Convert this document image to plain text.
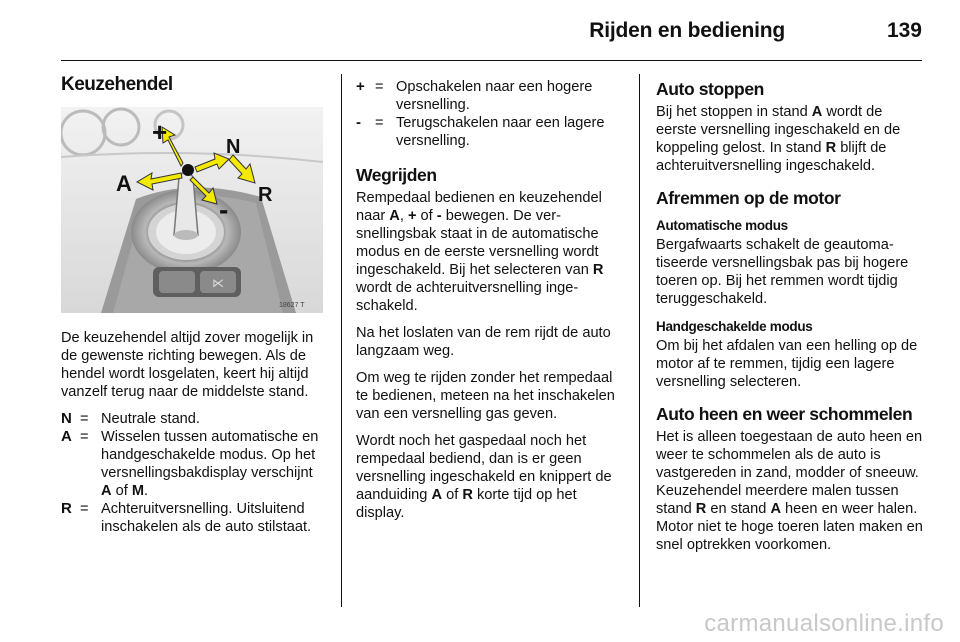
Rijden en bediening	139
Keuzehendel
⋉
+
A
N
R
-
18627 T

De keuzehendel altijd zover mogelijk in de gewenste richting bewegen. Als de hendel wordt losgelaten, keert hij altijd vanzelf terug naar de middelste stand.

N = Neutrale stand.
A = Wisselen tussen automatische en handgeschakelde modus. Op het versnellingsbakdisplay verschijnt A of M.
R = Achteruitversnelling. Uitsluitend inschakelen als de auto stilstaat.
+ = Opschakelen naar een hogere versnelling.
- = Terugschakelen naar een lagere versnelling.
Wegrijden

Rempedaal bedienen en keuzehendel naar A, + of - bewegen. De versnellingsbak staat in de automatische modus en de eerste versnelling wordt ingeschakeld. Bij het selecteren van R wordt de achteruitversnelling ingeschakeld.

Na het loslaten van de rem rijdt de auto langzaam weg.

Om weg te rijden zonder het rempedaal te bedienen, meteen na het inschakelen van een versnelling gas geven.

Wordt noch het gaspedaal noch het rempedaal bediend, dan is er geen versnelling ingeschakeld en knippert de aanduiding A of R korte tijd op het display.

Auto stoppen

Bij het stoppen in stand A wordt de eerste versnelling ingeschakeld en de koppeling gelost. In stand R blijft de achteruitversnelling ingeschakeld.

Afremmen op de motor
Automatische modus

Bergafwaarts schakelt de geautomatiseerde versnellingsbak pas bij hogere toeren op. Bij het remmen wordt tijdig teruggeschakeld.

Handgeschakelde modus

Om bij het afdalen van een helling op de motor af te remmen, tijdig een lagere versnelling selecteren.

Auto heen en weer schommelen

Het is alleen toegestaan de auto heen en weer te schommelen als de auto is vastgereden in zand, modder of sneeuw. Keuzehendel meerdere malen tussen stand R en stand A heen en weer halen. Motor niet te hoge toeren laten maken en snel optrekken voorkomen.

carmanualsonline.info
